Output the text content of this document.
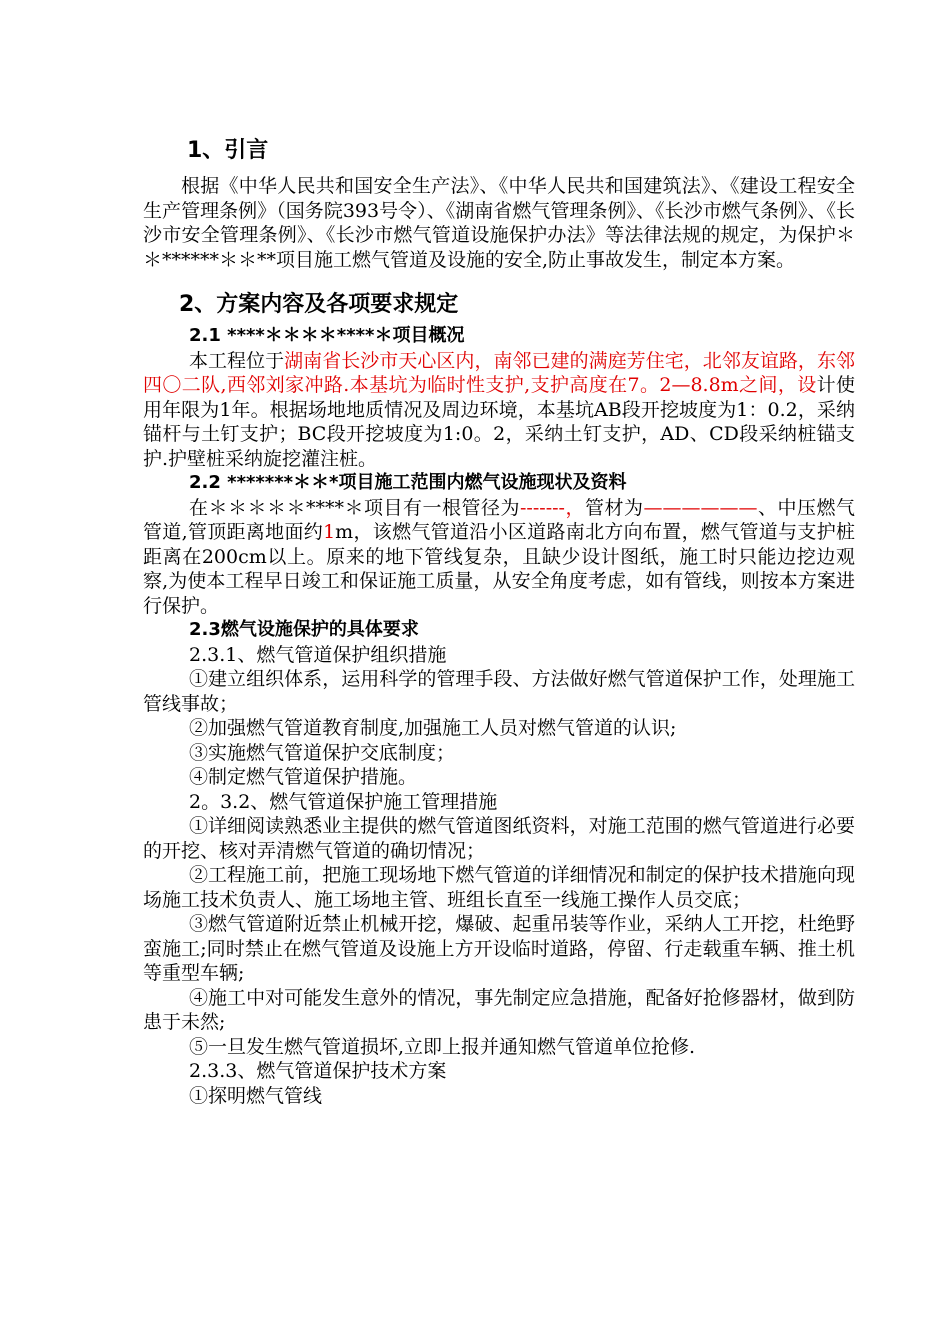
1、引言

根据《中华人民共和国安全生产法》、《中华人民共和国建筑法》、《建设工程安全生产管理条例》（国务院393号令）、《湖南省燃气管理条例》、《长沙市燃气条例》、《长沙市安全管理条例》、《长沙市燃气管道设施保护办法》等法律法规的规定，为保护＊＊******＊＊**项目施工燃气管道及设施的安全,防止事故发生，制定本方案。

2、方案内容及各项要求规定
2.1 ****＊＊＊＊****＊项目概况

本工程位于湖南省长沙市天心区内，南邻已建的满庭芳住宅，北邻友谊路，东邻四〇二队,西邻刘家冲路.本基坑为临时性支护,支护高度在7。2—8.8m之间，设计使用年限为1年。根据场地地质情况及周边环境，本基坑AB段开挖坡度为1：0.2，采纳锚杆与土钉支护；BC段开挖坡度为1:0。2，采纳土钉支护，AD、CD段采纳桩锚支护.护壁桩采纳旋挖灌注桩。

2.2 *******＊＊*项目施工范围内燃气设施现状及资料

在＊＊＊＊＊****＊项目有一根管径为-------，管材为——————、中压燃气管道,管顶距离地面约1m，该燃气管道沿小区道路南北方向布置，燃气管道与支护桩距离在200cm以上。原来的地下管线复杂，且缺少设计图纸，施工时只能边挖边观察,为使本工程早日竣工和保证施工质量，从安全角度考虑，如有管线，则按本方案进行保护。

2.3燃气设施保护的具体要求
2.3.1、燃气管道保护组织措施

①建立组织体系，运用科学的管理手段、方法做好燃气管道保护工作，处理施工管线事故；

②加强燃气管道教育制度,加强施工人员对燃气管道的认识;

③实施燃气管道保护交底制度；

④制定燃气管道保护措施。

2。3.2、燃气管道保护施工管理措施

①详细阅读熟悉业主提供的燃气管道图纸资料，对施工范围的燃气管道进行必要的开挖、核对弄清燃气管道的确切情况；

②工程施工前，把施工现场地下燃气管道的详细情况和制定的保护技术措施向现场施工技术负责人、施工场地主管、班组长直至一线施工操作人员交底；

③燃气管道附近禁止机械开挖，爆破、起重吊装等作业，采纳人工开挖，杜绝野蛮施工;同时禁止在燃气管道及设施上方开设临时道路，停留、行走载重车辆、推土机等重型车辆;

④施工中对可能发生意外的情况，事先制定应急措施，配备好抢修器材，做到防患于未然;

⑤一旦发生燃气管道损坏,立即上报并通知燃气管道单位抢修.

2.3.3、燃气管道保护技术方案

①探明燃气管线
